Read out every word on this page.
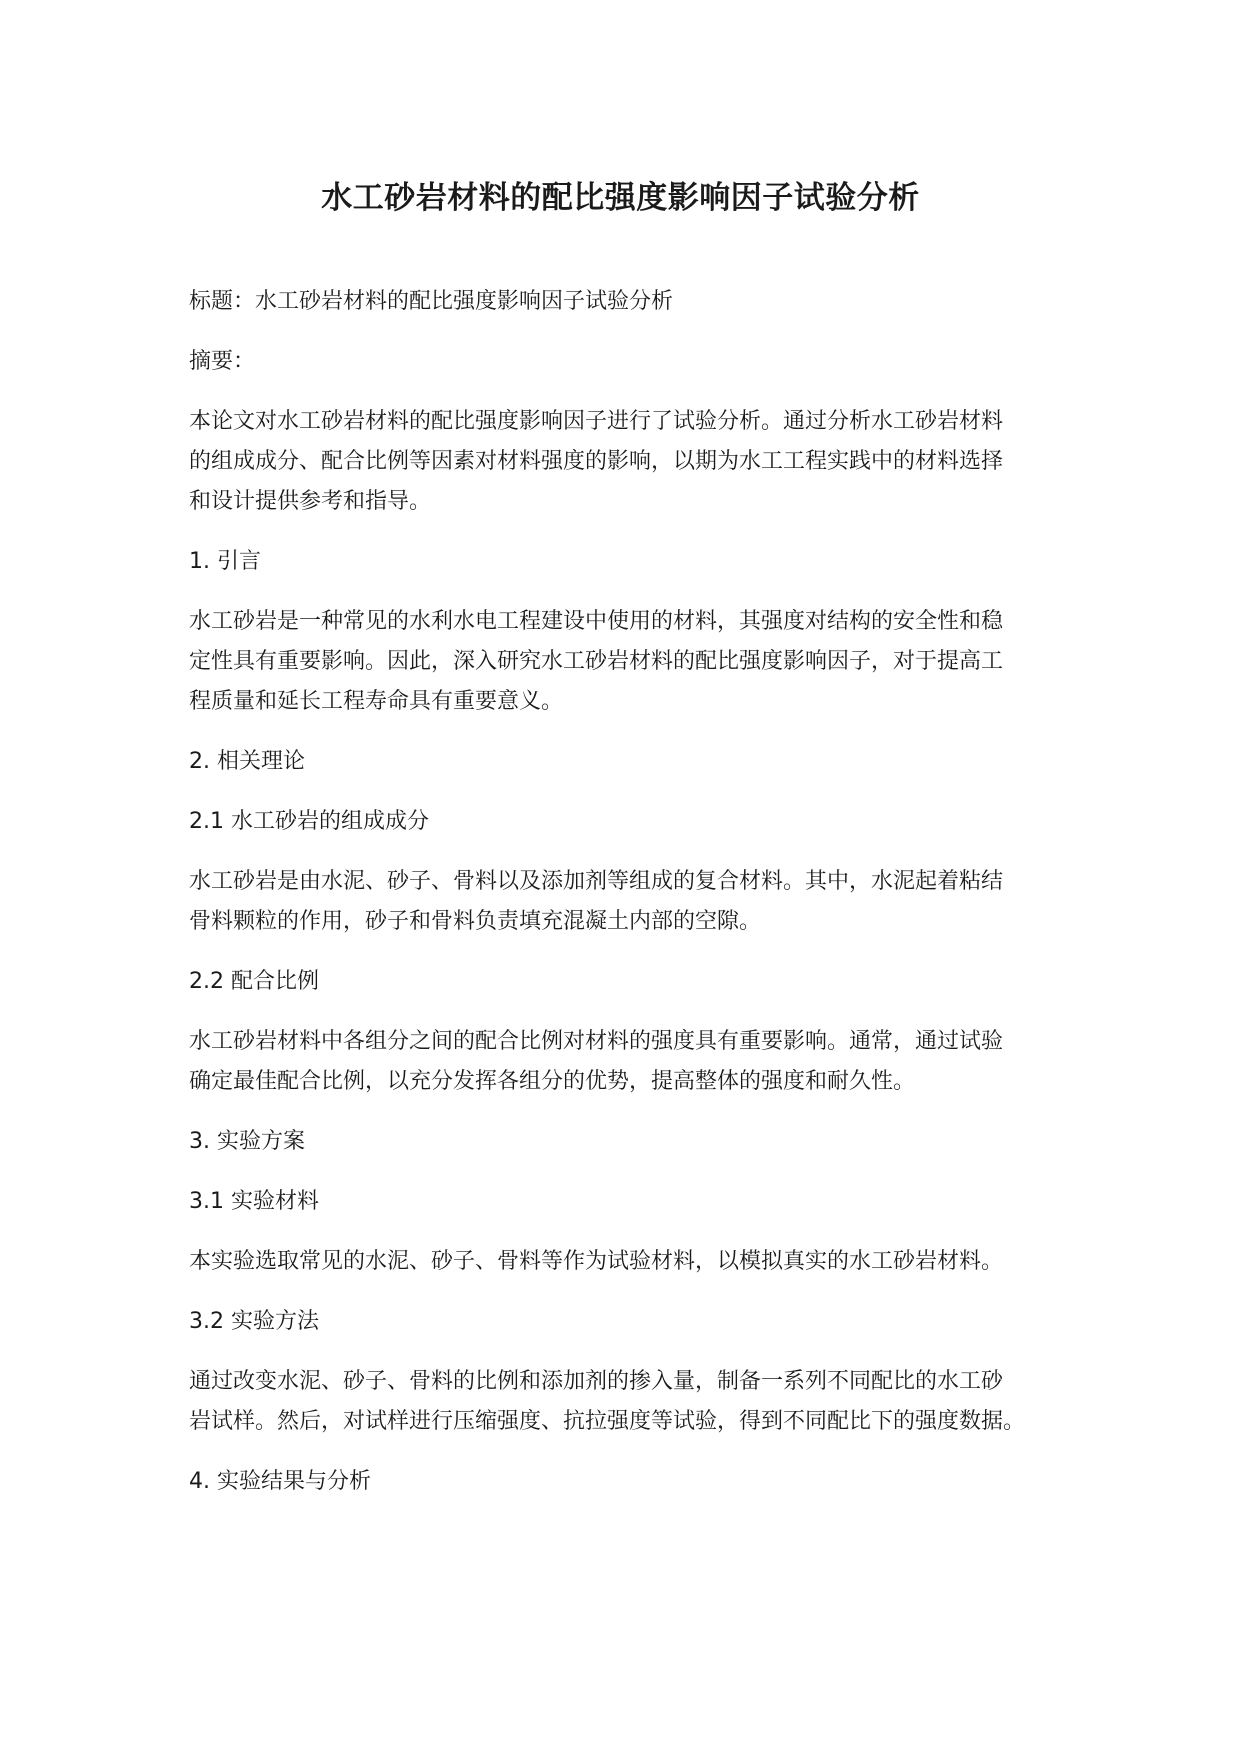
水工砂岩材料的配比强度影响因子试验分析

标题：水工砂岩材料的配比强度影响因子试验分析

摘要：

本论文对水工砂岩材料的配比强度影响因子进行了试验分析。通过分析水工砂岩材料
的组成成分、配合比例等因素对材料强度的影响，以期为水工工程实践中的材料选择
和设计提供参考和指导。

1. 引言

水工砂岩是一种常见的水利水电工程建设中使用的材料，其强度对结构的安全性和稳
定性具有重要影响。因此，深入研究水工砂岩材料的配比强度影响因子，对于提高工
程质量和延长工程寿命具有重要意义。

2. 相关理论

2.1 水工砂岩的组成成分

水工砂岩是由水泥、砂子、骨料以及添加剂等组成的复合材料。其中，水泥起着粘结
骨料颗粒的作用，砂子和骨料负责填充混凝土内部的空隙。

2.2 配合比例

水工砂岩材料中各组分之间的配合比例对材料的强度具有重要影响。通常，通过试验
确定最佳配合比例，以充分发挥各组分的优势，提高整体的强度和耐久性。

3. 实验方案

3.1 实验材料

本实验选取常见的水泥、砂子、骨料等作为试验材料，以模拟真实的水工砂岩材料。

3.2 实验方法

通过改变水泥、砂子、骨料的比例和添加剂的掺入量，制备一系列不同配比的水工砂
岩试样。然后，对试样进行压缩强度、抗拉强度等试验，得到不同配比下的强度数据。

4. 实验结果与分析
